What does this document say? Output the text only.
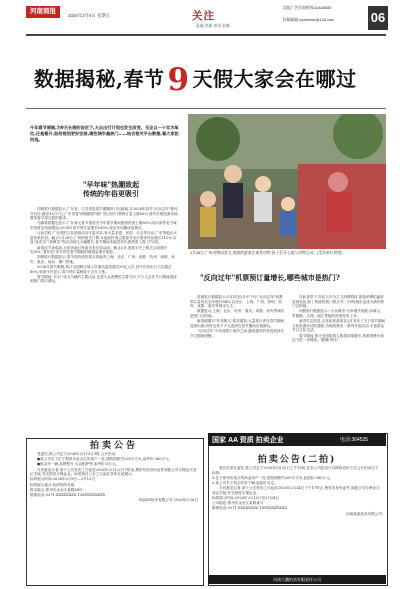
河南商报
2026年2月6日 星期五	关注
责编:李雅 审读:张楠
读报广告咨询热线:62626655
投稿邮箱:xyxbnews@126.com	06
数据揭秘,春节9 天假大家会在哪过
今年春节假期,为9天长假的设定下,大众出行计划也发生改变。无论以一十年为单位,还是看开,如何规划更好安排,哪些城市最热门……结合相关平台数据,看大家如何选。
"早年味"热潮致起
传统的年俗更吸引

同程旅行数据显示,广东省、江苏省是春节假期热门出游地,自2026年春节"反向过年"系列开启后,截至1月27日,广东省春节假期国内热门景点的门票预订量上涨65%,省内开展旅游市场,增加春节周边游的需求。

马蜂窝数据也显示,广东省元宵节提前至今年春节期间旅游热度上涨60%,哈尔滨等北方城市热度也持续增加,2026年春节预订量增长165%,较去年同期成倍增长。

与此同时,广东省的文化旅游活动丰富多彩,有大量非遗、民俗、灯会等活动,广东等地区大量传承民俗。截止1月28日,广州的相关门票,本地居民周边游春节出行需求环比增长112%,以及"逛花市""看舞龙"等活动同比大幅增长,春节期间本地居民出游热度上涨了约2倍。

新春佳节来临前,全国多地已准备各类年俗活动。截止2月,旅游平台上相关活动增长120%,"看年俗"类年货在春节期间的搜索量增长明显。

同程旅行数据显示,春节国内高热度目的地有上海、北京、广州、成都、杭州、深圳、西安、重庆、南京、厦门等地。

2026年春节假期,预计全国跨区域人员流动量将超过95亿人次,其中自驾出行占比超过80%,旅游平台显示,春节预订量相较于去年上涨。

春节期间,"出行"成为当地的主要活动,也是大众消费的主要方向,不少人会在节日期间选择到热门景区游玩。

1月28日,广州动物园景点,春游的游客在观赏动物,孩子们开心地与动物互动。(受访单位供图)
"反向过年"机票预订量增长,哪些城市是热门?

美团旅行数据显示,1月初至2月中下旬,"反向过年"机票预订量同比去年增长84%,以北京、上海、广州、深圳、杭州、成都、重庆等城市为主。

数据显示,上海、北京、杭州、重庆、成都、西安等城市是热门目的地。

新春假期对"年货购买"需求增加,大量旅行者在春节期间选择出游,同时也有不少人选择在春节期间出境游玩。

"反向过年"不再局限于城市之间,越来越多的家庭选择在节日期间团聚。

在此背景下,年轻人作为主力消费群体,旅游消费的偏好显著变化,除了传统的热门景点外,三四线城市也成为新的热门目的地。

同程旅行数据显示,"小众城市"订单增长明显,如黄山、景德镇、大理、丽江等地的热度均有上升。

值得关注的是,文化和旅游部在2月发布了关于春节期间文化旅游活动的通知,各地将推出一系列年俗活动,丰富群众节日文化生活。

春节期间,预计全国旅游人数将持续增长,旅游消费市场活力进一步释放。(据新华社)

拍卖公告

受委托,我公司定于2026年2月13日9时,公开拍卖:

●某公司名下位于郑州市金水区的房产一处,建筑面积约120平方米,参考价:260万元。

●机动车一辆,品牌型号:大众帕萨特,参考价:5万元。

凡有意竞买者,请于公告发布之日起至2026年2月12日17时前,携带有效身份证件到我公司办理竞买登记手续,并交纳竞买保证金。标的物自公告之日起在其所在地展示。

标的展示时间:2026年2月8日—2月12日

标的展示地点:标的物所在地

报名地点:郑州市金水区某路88号

联系电话:0371-XXXXXXXX 138XXXXXXXX

河南XX拍卖有限公司 2026年2月6日

国家 AA 资质 拍卖企业	电话:364535
拍卖公告(二拍)

受有关单位委托,我公司定于2026年2月25日上午10时,在本公司拍卖厅以网络竞价方式公开拍卖以下标的:

1.位于郑州市某区的商业房产一处,建筑面积约200平方米,起拍价:380万元;

2.某公司名下机动车若干辆,起拍价另定。

凡有意竞买者,请于公告发布之日起至2026年2月24日下午17时止,携有效身份证件,到我公司办理竞买登记手续,并交纳竞买保证金。

标的展示时间:2026年2月10日至2月24日

公司地址:郑州市金水区某路某号

联系电话:0371-XXXXXXXX 189XXXXXXXX

河南某某拍卖有限公司

河南大潮拍卖有限责任公司
